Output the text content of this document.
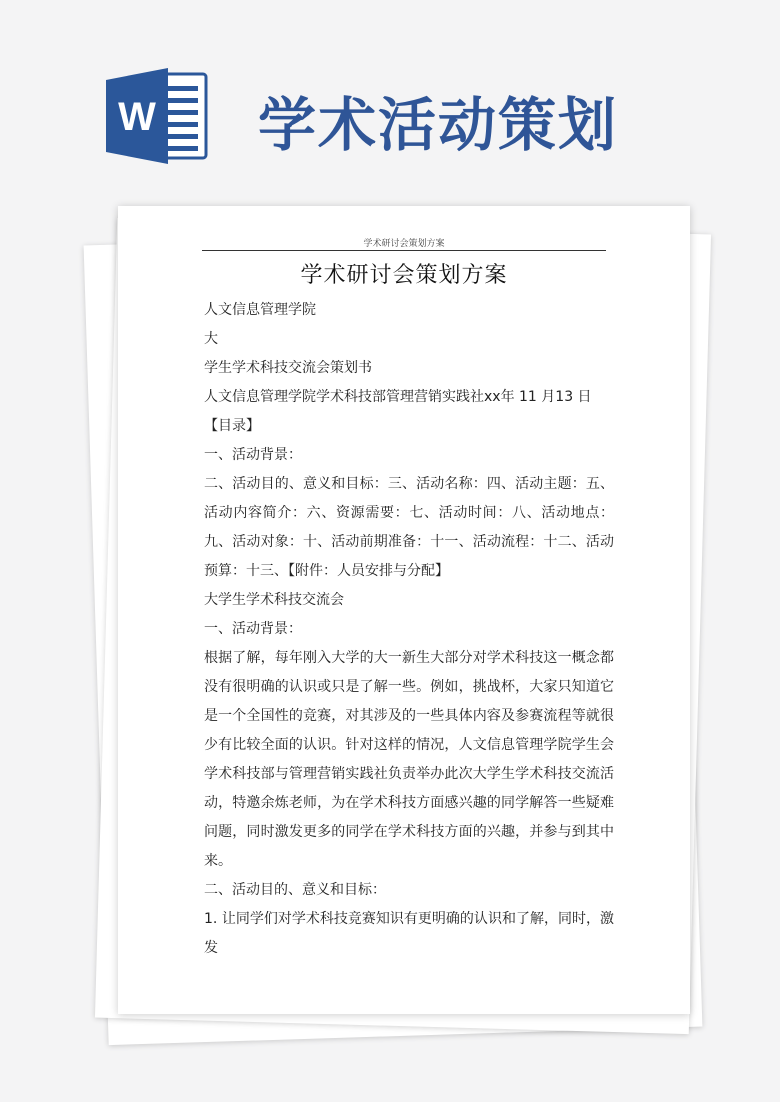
W 学术活动策划
学术研讨会策划方案
学术研讨会策划方案

人文信息管理学院

大

学生学术科技交流会策划书

人文信息管理学院学术科技部管理营销实践社xx年 11 月13 日

【目录】

一、活动背景：

二、活动目的、意义和目标：三、活动名称：四、活动主题：五、活动内容简介：六、资源需要：七、活动时间：八、活动地点：九、活动对象：十、活动前期准备：十一、活动流程：十二、活动预算：十三、【附件：人员安排与分配】

大学生学术科技交流会

一、活动背景：

根据了解，每年刚入大学的大一新生大部分对学术科技这一概念都没有很明确的认识或只是了解一些。例如，挑战杯，大家只知道它是一个全国性的竞赛，对其涉及的一些具体内容及参赛流程等就很少有比较全面的认识。针对这样的情况，人文信息管理学院学生会学术科技部与管理营销实践社负责举办此次大学生学术科技交流活动，特邀余炼老师，为在学术科技方面感兴趣的同学解答一些疑难问题，同时激发更多的同学在学术科技方面的兴趣，并参与到其中来。

二、活动目的、意义和目标：

1. 让同学们对学术科技竞赛知识有更明确的认识和了解，同时，激发
